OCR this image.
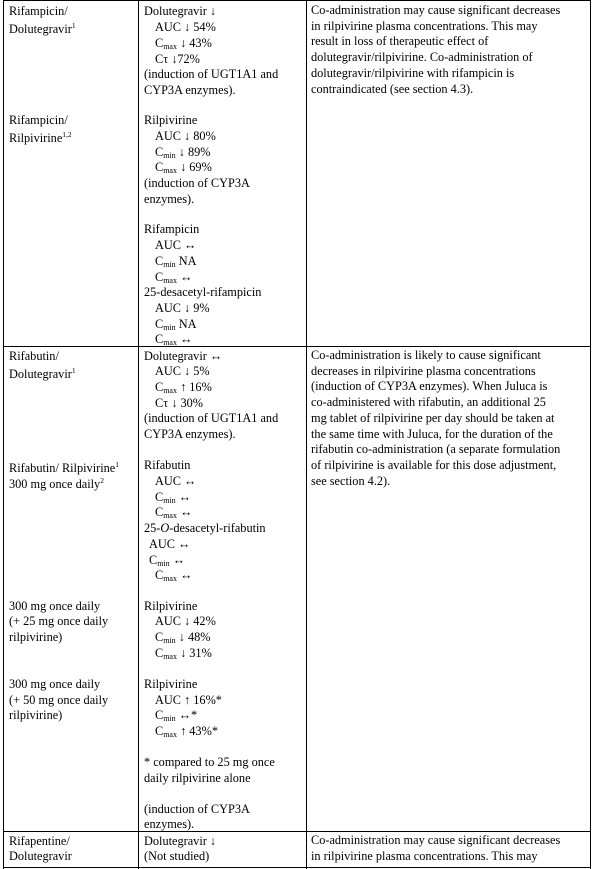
Rifampicin/
Dolutegravir$^1$
Rifampicin/
Rilpivirine$^{1,2}$
Dolutegravir ↓
AUC ↓ 54%
$C_{max}$ ↓ 43%
Cτ ↓72%
(induction of UGT1A1 and
CYP3A enzymes).
Rilpivirine
AUC ↓ 80%
$C_{min}$ ↓ 89%
$C_{max}$ ↓ 69%
(induction of CYP3A
enzymes).
Rifampicin
AUC ↔
$C_{min}$ NA
$C_{max}$ ↔
25-desacetyl-rifampicin
AUC ↓ 9%
$C_{min}$ NA
$C_{max}$ ↔
Co-administration may cause significant decreases
in rilpivirine plasma concentrations. This may
result in loss of therapeutic effect of
dolutegravir/rilpivirine. Co-administration of
dolutegravir/rilpivirine with rifampicin is
contraindicated (see section 4.3).
Rifabutin/
Dolutegravir$^1$
Rifabutin/ Rilpivirine$^1$
300 mg once daily$^2$
300 mg once daily
(+ 25 mg once daily
rilpivirine)
300 mg once daily
(+ 50 mg once daily
rilpivirine)
Dolutegravir ↔
AUC ↓ 5%
$C_{max}$ ↑ 16%
Cτ ↓ 30%
(induction of UGT1A1 and
CYP3A enzymes).
Rifabutin
AUC ↔
$C_{min}$ ↔
$C_{max}$ ↔
25-O-desacetyl-rifabutin
AUC ↔
$C_{min}$ ↔
$C_{max}$ ↔
Rilpivirine
AUC ↓ 42%
$C_{min}$ ↓ 48%
$C_{max}$ ↓ 31%
Rilpivirine
AUC ↑ 16%*
$C_{min}$ ↔*
$C_{max}$ ↑ 43%*
* compared to 25 mg once
daily rilpivirine alone
(induction of CYP3A
enzymes).
Co-administration is likely to cause significant
decreases in rilpivirine plasma concentrations
(induction of CYP3A enzymes). When Juluca is
co-administered with rifabutin, an additional 25
mg tablet of rilpivirine per day should be taken at
the same time with Juluca, for the duration of the
rifabutin co-administration (a separate formulation
of rilpivirine is available for this dose adjustment,
see section 4.2).
Rifapentine/
Dolutegravir
Dolutegravir ↓
(Not studied)
Co-administration may cause significant decreases
in rilpivirine plasma concentrations. This may
